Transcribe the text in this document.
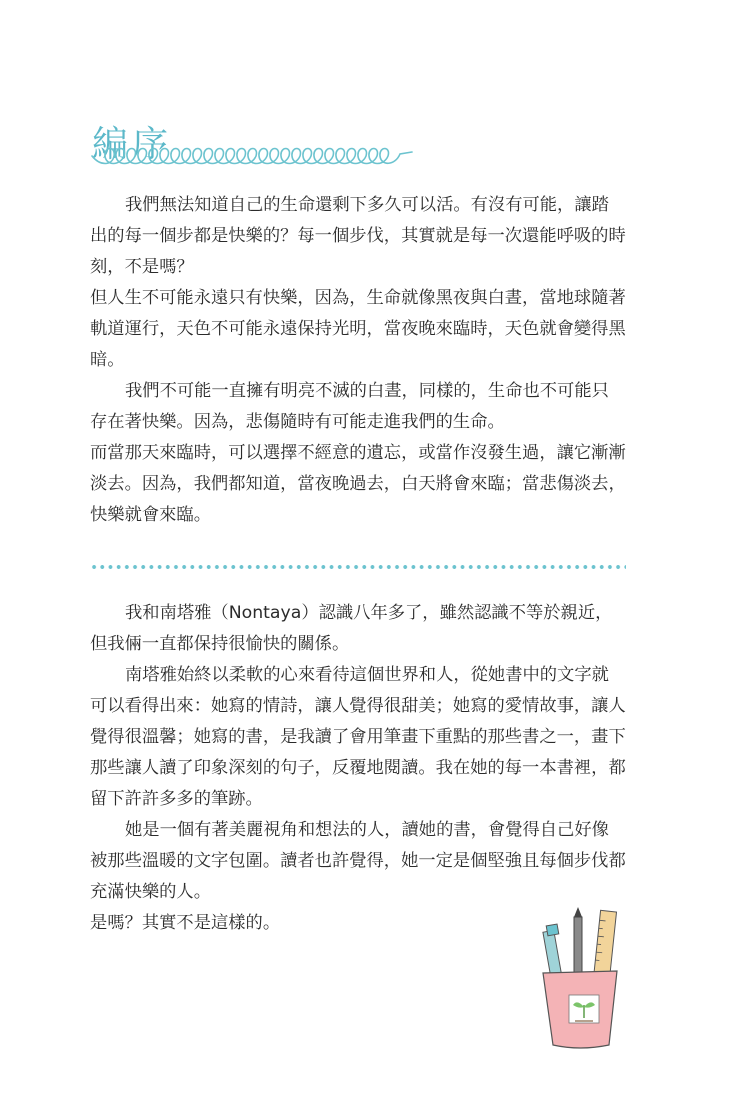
編序

我們無法知道自己的生命還剩下多久可以活。有沒有可能，讓踏出的每一個步都是快樂的？每一個步伐，其實就是每一次還能呼吸的時刻，不是嗎？

但人生不可能永遠只有快樂，因為，生命就像黑夜與白晝，當地球隨著軌道運行，天色不可能永遠保持光明，當夜晚來臨時，天色就會變得黑暗。

我們不可能一直擁有明亮不滅的白晝，同樣的，生命也不可能只存在著快樂。因為，悲傷隨時有可能走進我們的生命。

而當那天來臨時，可以選擇不經意的遺忘，或當作沒發生過，讓它漸漸淡去。因為，我們都知道，當夜晚過去，白天將會來臨；當悲傷淡去，快樂就會來臨。

我和南塔雅（Nontaya）認識八年多了，雖然認識不等於親近，但我倆一直都保持很愉快的關係。

南塔雅始終以柔軟的心來看待這個世界和人，從她書中的文字就可以看得出來：她寫的情詩，讓人覺得很甜美；她寫的愛情故事，讓人覺得很溫馨；她寫的書，是我讀了會用筆畫下重點的那些書之一，畫下那些讓人讀了印象深刻的句子，反覆地閱讀。我在她的每一本書裡，都留下許許多多的筆跡。

她是一個有著美麗視角和想法的人，讀她的書，會覺得自己好像被那些溫暖的文字包圍。讀者也許覺得，她一定是個堅強且每個步伐都充滿快樂的人。

是嗎？其實不是這樣的。
